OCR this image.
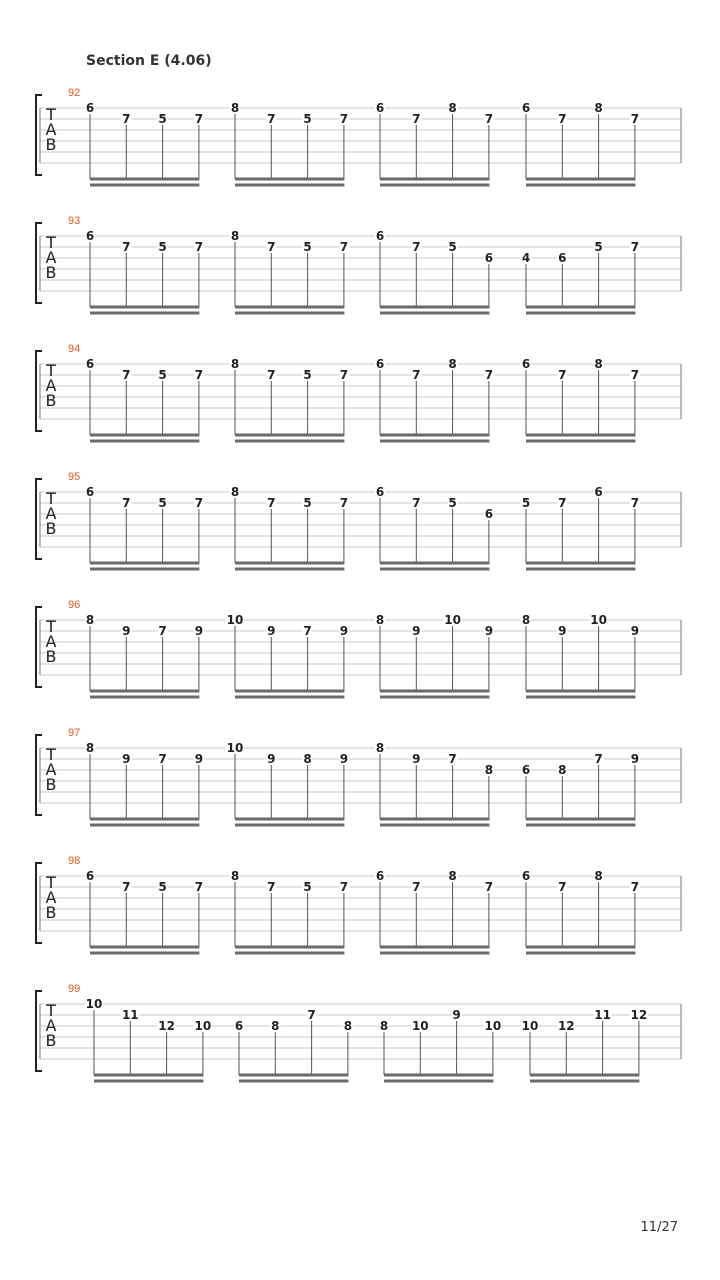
Section E (4.06)
92
T
A
B
6
7 5 7
8
7 5 7
6
7
8
7
6
7
8
7
93
T
A
B
6
7 5 7
8
7 5 7
6
7 5
6 4 6
5 7
94
T
A
B
6
7 5 7
8
7 5 7
6
7
8
7
6
7
8
7
95
T
A
B
6
7 5 7
8
7 5 7
6
7 5
6
5 7
6
7
96
T
A
B
8
9 7 9
10
9 7 9
8
9
10
9
8
9
10
9
97
T
A
B
8
9 7 9
10
9 8 9
8
9 7
8 6 8
7 9
98
T
A
B
6
7 5 7
8
7 5 7
6
7
8
7
6
7
8
7
99
T
A
B
10
11
12 10 6 8
7
8 8 10
9
10 10 12
11 12
11/27
